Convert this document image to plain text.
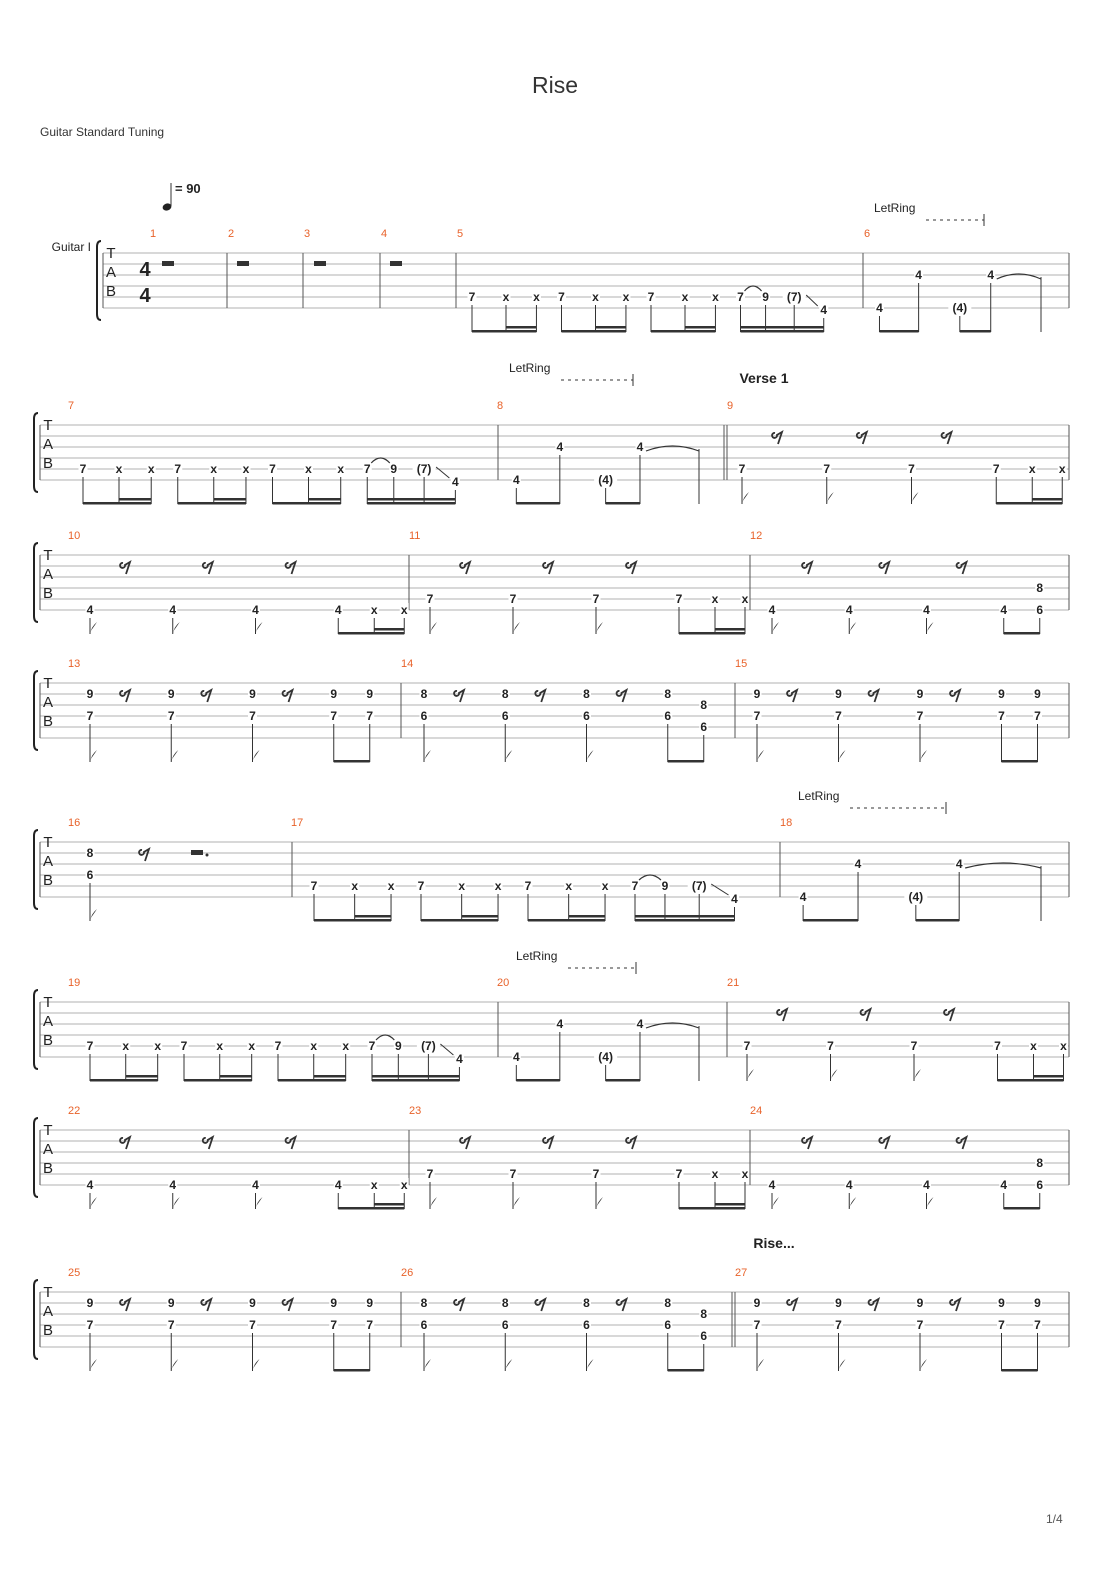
Rise
Guitar Standard Tuning
1/4
T
A
B
Guitar I
4
4
= 90
1	2	3	4	5	6
7 x x 7 x x 7 x x 7 9 (7)
4	4
4
(4)
4
LetRing
T
A
B
7	8	9
7 x x 7 x x 7 x x 7 9 (7)
4	4
4
(4)
4
LetRing
Verse 1
7	7	7	7 x x
T
A
B
10	11	12
4	4	4	4 x x
7	7	7	7 x x
4	4	4	4 6
8
T
A
B
13	14	15
9
7
9
7
9
7
9
7
9
7
8
6
8
6
8
6
8
6
8
6
9
7
9
7
9
7
9
7
9
7
T
A
B
16	17	18
8
6
7	x x 7	x x 7	x x 7 9 (7)
4	4
4
(4)
4
LetRing
T
A
B
19	20	21
7 x x 7 x x 7 x x 7 9 (7)
4	4
4
(4)
4
LetRing
7	7	7	7 x x
T
A
B
22	23	24
4	4	4	4 x x
7	7	7	7 x x
4	4	4	4 6
8
T
A
B
25	26	27
Rise...
9
7
9
7
9
7
9
7
9
7
8
6
8
6
8
6
8
6
8
6
9
7
9
7
9
7
9
7
9
7
